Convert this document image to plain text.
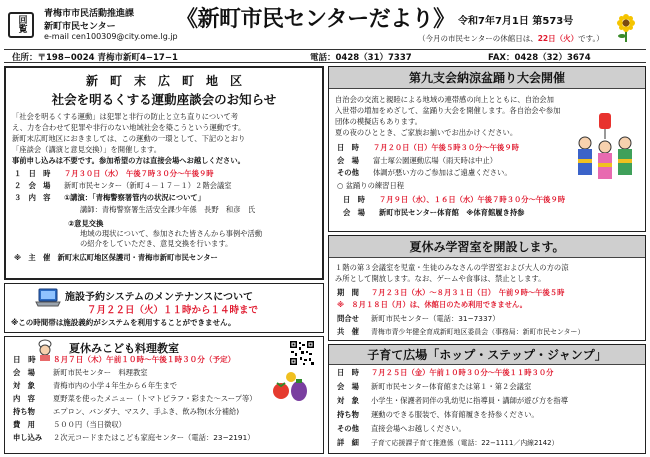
回覧
青梅市市民活動推進課
新町市民センター
e-mail cen100309@city.ome.lg.jp
《新町市民センターだより》 令和7年7月1日 第573号
（今月の市民センターの休館日は、22日（火）です。）
住所：〒198−0024 青梅市新町4−17−1	電話：0428（31）7337	FAX：0428（32）3674
新　町　末　広　町　地　区
社会を明るくする運動座談会のお知らせ
「社会を明るくする運動」は犯罪と非行の防止と立ち直りについて考
え、力を合わせて犯罪や非行のない地域社会を築こうという運動です。
新町末広町地区におきましては、この運動の一環として、下記のとおり
「座談会（講演と意見交換）」を開催します。
事前申し込みは不要です。参加希望の方は直接会場へお越しください。
１　日　時	７月３０日（水）　午後７時３０分～午後９時
２　会　場	新町市民センター（新町４－１７－１）２階会議室
３　内　容	①講演：「青梅警察署管内の状況について」
講師：青梅警察署生活安全課少年係　長野　和彦　氏
②意見交換
地域の現状について、参加された皆さんから事例や活動
の紹介をしていただき、意見交換を行います。
※　主　催　新町末広町地区保護司・青梅市新町市民センター
施設予約システムのメンテナンスについて
７月２２日（火）１１時から１４時まで
※この時間帯は施設義約がシステムを利用することができません。
夏休みこども料理教室
日　時	８月７日（木）午前１０時～午後１時３０分（予定）
会　場	新町市民センター　料理教室
対　象	青梅市内の小学４年生から６年生まで
内　容	夏野菜を使ったメニュー（トマトピラフ・彩また〜スープ等）
持ち物	エプロン、バンダナ、マスク、手ふき、飲み物(水分補給)
費　用	５００円（当日徴収）
申し込み	２次元コードまたはこども家庭センター（電話：23−2191）
第九支会納涼盆踊り大会開催
自治会の交流と親睦による地域の連帯感の向上とともに、自治会加
入世帯の増加をめざして、盆踊り大会を開催します。各自治会や参加
団体の模擬店もあります。
夏の夜のひととき、ご家族お揃いでお出かけください。
日　時	７月２０日（日）午後５時３０分～午後９時
会　場	富士塚公園運動広場（雨天時は中止）
その他	体調が悪い方のご参加はご遠慮ください。
○ 盆踊りの練習日程
日　時	７月９日（水）、１６日（水）午後７時３０分～午後９時
会　場	新町市民センター体育館　※体育館履き持参
夏休み学習室を開設します。
１階の第３会議室を児童・生徒のみなさんの学習室および大人の方の涼
み所として開放します。なお、ゲームや食事は、禁止とします。
期　間	７月２３日（水）～８月３１日（日）　午前９時～午後５時
※　８月１８日（月）は、休館日のため利用できません。
問合せ	新町市民センター（電話：31−7337）
共　催	青梅市青少年健全育成新町地区委員会（事務局：新町市民センター）
子育て広場「ホップ・ステップ・ジャンプ」
日　時	７月２５日（金）午前１０時３０分～午後１１時３０分
会　場	新町市民センター体育館または第１・第２会議室
対　象	小学生・保護者同伴の乳幼児に指導員・講師が遊び方を指導
持ち物	運動のできる服装で、体育館履きを持参ください。
その他	直接会場へお越しください。
詳　細	子育て応援課子育て推進係（電話：22−1111／内線2142）
